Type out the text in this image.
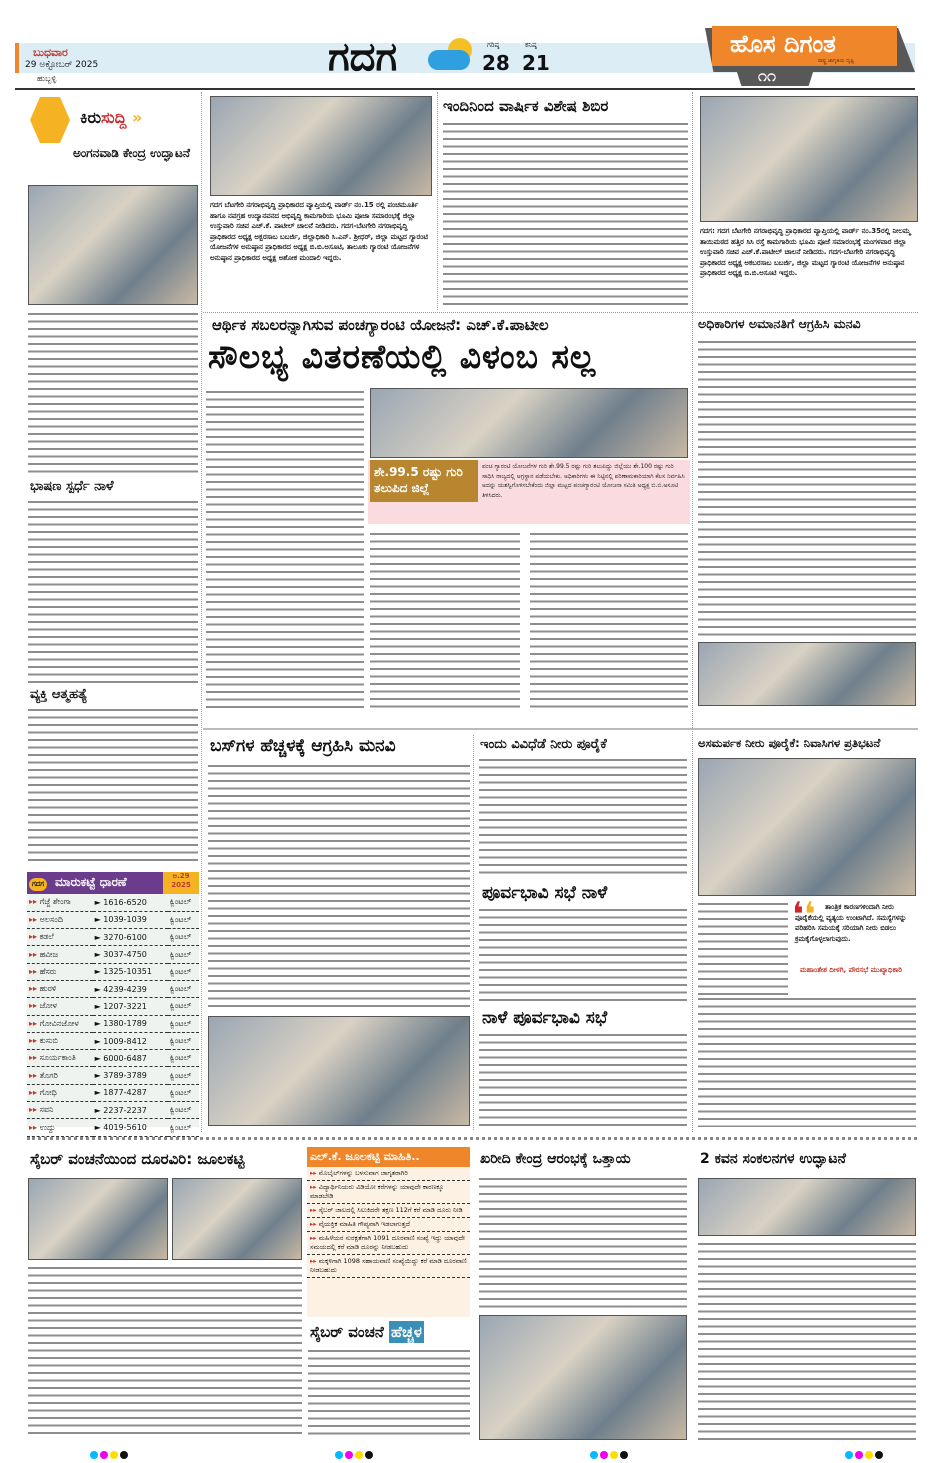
ಬುಧವಾರ
29 ಅಕ್ಟೋಬರ್ 2025
ಹುಬ್ಬಳ್ಳಿ	ಗದಗ	ಗರಿಷ್ಠ
28
ಕನಿಷ್ಠ
21
ಹೊಸ ದಿಗಂತ
ರಾಷ್ಟ್ರ ಜಾಗೃತಿಯ ದೃಷ್ಟಿ
೧೧
ಕಿರುಸುದ್ದಿ »
ಅಂಗನವಾಡಿ ಕೇಂದ್ರ ಉದ್ಘಾಟನೆ
ಭಾಷಣ ಸ್ಪರ್ಧೆ ನಾಳೆ
ವ್ಯಕ್ತಿ ಆತ್ಮಹತ್ಯೆ
ಗದಗ ಮಾರುಕಟ್ಟೆ ಧಾರಣೆ	ಅ.29 2025
▸▸ ಗೆಜ್ಜೆ ಶೇಂಗಾ	► 1616-6520	ಕ್ವಿಂಟಲ್
▸▸ ಅಲಸಂದಿ	► 1039-1039	ಕ್ವಿಂಟಲ್
▸▸ ಕಡಲೆ	► 3270-6100	ಕ್ವಿಂಟಲ್
▸▸ ಹವೀಜ	► 3037-4750	ಕ್ವಿಂಟಲ್
▸▸ ಹೆಸರು	► 1325-10351	ಕ್ವಿಂಟಲ್
▸▸ ಹುರಳಿ	► 4239-4239	ಕ್ವಿಂಟಲ್
▸▸ ಜೋಳ	► 1207-3221	ಕ್ವಿಂಟಲ್
▸▸ ಗೋವಿನಜೋಳ	► 1380-1789	ಕ್ವಿಂಟಲ್
▸▸ ಕುಸುಬಿ	► 1009-8412	ಕ್ವಿಂಟಲ್
▸▸ ಸೂರ್ಯಕಾಂತಿ	► 6000-6487	ಕ್ವಿಂಟಲ್
▸▸ ತೊಗರಿ	► 3789-3789	ಕ್ವಿಂಟಲ್
▸▸ ಗೋಧಿ	► 1877-4287	ಕ್ವಿಂಟಲ್
▸▸ ಸವನಿ	► 2237-2237	ಕ್ವಿಂಟಲ್
▸▸ ಉದ್ದು	► 4019-5610	ಕ್ವಿಂಟಲ್
ಗದಗ ಬೆಟಗೇರಿ ನಗರಾಭಿವೃದ್ಧಿ ಪ್ರಾಧಿಕಾರದ ವ್ಯಾಪ್ತಿಯಲ್ಲಿ ವಾರ್ಡ್ ನಂ.15 ರಲ್ಲಿ ಪಂಚಮೂರ್ತಿ ಹಾಗೂ ನವಗ್ರಹ ಉದ್ಯಾನವನದ ಅಭಿವೃದ್ಧಿ ಕಾಮಗಾರಿಯ ಭೂಮಿ ಪೂಜಾ ಸಮಾರಂಭಕ್ಕೆ ಜಿಲ್ಲಾ ಉಸ್ತುವಾರಿ ಸಚಿವ ಎಚ್.ಕೆ. ಪಾಟೀಲ್ ಚಾಲನೆ ನೀಡಿದರು. ಗದಗ-ಬೆಟಗೇರಿ ನಗರಾಭಿವೃದ್ಧಿ ಪ್ರಾಧಿಕಾರದ ಅಧ್ಯಕ್ಷ ಅಕ್ಬರಸಾಬ ಬಬರ್ಜಿ, ಜಿಲ್ಲಾಧಿಕಾರಿ ಸಿ.ಎನ್. ಶ್ರೀಧರ್, ಜಿಲ್ಲಾ ಮಟ್ಟದ ಗ್ಯಾರಂಟಿ ಯೋಜನೆಗಳ ಅನುಷ್ಠಾನ ಪ್ರಾಧಿಕಾರದ ಅಧ್ಯಕ್ಷ ಬಿ.ಬಿ.ಅಸೂಟಿ, ತಾಲೂಕು ಗ್ಯಾರಂಟಿ ಯೋಜನೆಗಳ ಅನುಷ್ಠಾನ ಪ್ರಾಧಿಕಾರದ ಅಧ್ಯಕ್ಷ ಅಶೋಕ ಮಂದಾಲಿ ಇದ್ದರು.
ಇಂದಿನಿಂದ ವಾರ್ಷಿಕ ವಿಶೇಷ ಶಿಬಿರ
ಗದಗ: ಗದಗ ಬೆಟಗೇರಿ ನಗರಾಭಿವೃದ್ಧಿ ಪ್ರಾಧಿಕಾರದ ವ್ಯಾಪ್ತಿಯಲ್ಲಿ ವಾರ್ಡ್ ನಂ.35ರಲ್ಲಿ ನೀಲಮ್ಮ ತಾಯಿಮಠದ ಹತ್ತಿರ ಸಿಸಿ ರಸ್ತೆ ಕಾಮಗಾರಿಯ ಭೂಮಿ ಪೂಜೆ ಸಮಾರಂಭಕ್ಕೆ ಮಂಗಳವಾರ ಜಿಲ್ಲಾ ಉಸ್ತುವಾರಿ ಸಚಿವ ಎಚ್.ಕೆ.ಪಾಟೀಲ್ ಚಾಲನೆ ನೀಡಿದರು. ಗದಗ-ಬೆಟಗೇರಿ ನಗರಾಭಿವೃದ್ಧಿ ಪ್ರಾಧಿಕಾರದ ಅಧ್ಯಕ್ಷ ಅಕಬರಸಾಬ ಬಬರ್ಜಿ, ಜಿಲ್ಲಾ ಮಟ್ಟದ ಗ್ಯಾರಂಟಿ ಯೋಜನೆಗಳ ಅನುಷ್ಠಾನ ಪ್ರಾಧಿಕಾರದ ಅಧ್ಯಕ್ಷ ಬಿ.ಬಿ.ಅಸೂಟಿ ಇದ್ದರು.
ಆರ್ಥಿಕ ಸಬಲರನ್ನಾಗಿಸುವ ಪಂಚಗ್ಯಾರಂಟಿ ಯೋಜನೆ: ಎಚ್.ಕೆ.ಪಾಟೀಲ
ಸೌಲಭ್ಯ ವಿತರಣೆಯಲ್ಲಿ ವಿಳಂಬ ಸಲ್ಲ
ಶೇ.99.5 ರಷ್ಟು ಗುರಿ ತಲುಪಿದ ಜಿಲ್ಲೆ
ಪಂಚ ಗ್ಯಾರಂಟಿ ಯೋಜನೆಗಳ ಗುರಿ ಶೇ.99.5 ರಷ್ಟು ಗುರಿ ತಲುಪಿದ್ದು ಜಿಲ್ಲೆಯು ಶೇ.100 ರಷ್ಟು ಗುರಿ ಸಾಧಿಸಿ ರಾಜ್ಯದಲ್ಲಿ ಅಗ್ರಸ್ಥಾನ ಪಡೆಯಬೇಕು. ಅಧಿಕಾರಿಗಳು ಈ ನಿಟ್ಟಿನಲ್ಲಿ ಪರಿಣಾಮಕಾರಿಯಾಗಿ ಕೆಲಸ ನಿರ್ವಹಿಸಿ ಅದನ್ನು ಯಶಸ್ವಿಗೊಳಿಸಬೇಕೆಂದು ಜಿಲ್ಲಾ ಮಟ್ಟದ ಪಂಚಗ್ಯಾರಂಟಿ ಯೋಜನಾ ಸಮಿತಿ ಅಧ್ಯಕ್ಷ ಬಿ.ಬಿ.ಅಸೂಟಿ ತಿಳಿಸಿದರು.
ಅಧಿಕಾರಿಗಳ ಅಮಾನತಿಗೆ ಆಗ್ರಹಿಸಿ ಮನವಿ
ಬಸ್‌ಗಳ ಹೆಚ್ಚಳಕ್ಕೆ ಆಗ್ರಹಿಸಿ ಮನವಿ	ಇಂದು ವಿವಿಧೆಡೆ ನೀರು ಪೂರೈಕೆ
ಪೂರ್ವಭಾವಿ ಸಭೆ ನಾಳೆ
ನಾಳೆ ಪೂರ್ವಭಾವಿ ಸಭೆ
ಅಸಮರ್ಪಕ ನೀರು ಪೂರೈಕೆ: ನಿವಾಸಿಗಳ ಪ್ರತಿಭಟನೆ
❛❛	ತಾಂತ್ರಿಕ ಕಾರಣಗಳಿಂದಾಗಿ ನೀರು ಪೂರೈಕೆಯಲ್ಲಿ ವ್ಯತ್ಯಯ ಉಂಟಾಗಿದೆ. ಸಮಸ್ಯೆಗಳನ್ನು ಪರಿಹರಿಸಿ ಸಮಯಕ್ಕೆ ಸರಿಯಾಗಿ ನೀರು ಬಿಡಲು ಕ್ರಮಕೈಗೊಳ್ಳಲಾಗುವುದು.
ಮಹಾಂತೇಶ ದೀಳಗಿ, ಪೌರಸಭೆ ಮುಖ್ಯಾಧಿಕಾರಿ
ಸೈಬರ್ ವಂಚನೆಯಿಂದ ದೂರವಿರಿ: ಜೂಲಕಟ್ಟಿ	ಎಲ್.ಕೆ. ಜೂಲಕಟ್ಟಿ ಮಾಹಿತಿ..
▸▸ ಮೊಬೈಲ್‌ಗಳನ್ನು ಬಳಸುವಾಗ ಜಾಗೃತರಾಗಿರಿ
▸▸ ವಿದ್ಯಾರ್ಥಿನಿಯರು ವಿಡಿಯೋ ಕರೆಗಳನ್ನು ಯಾವುದೇ ಕಾರಣಕ್ಕೂ ಮಾಡಬೇಡಿ
▸▸ ಸೈಬರ್ ಜಾಲದಲ್ಲಿ ಸಿಲುಕಿದರೇ ತಕ್ಷಣ 112ಗೆ ಕರೆ ಮಾಡಿ ದೂರು ನೀಡಿ
▸▸ ವೈಯಕ್ತಿಕ ಮಾಹಿತಿ ಗೌಪ್ಯವಾಗಿ ಇಡಲಾಗುತ್ತದೆ
▸▸ ಮಹಿಳೆಯರ ಸುರಕ್ಷತೆಗಾಗಿ 1091 ದೂರವಾಣಿ ಸಂಖ್ಯೆ ಇದ್ದು ಯಾವುದೇ ಸಮಯದಲ್ಲಿ ಕರೆ ಮಾಡಿ ದೂರನ್ನು ನೀಡಬಹುದು
▸▸ ಮಕ್ಕಳಿಗಾಗಿ 1098 ಸಹಾಯವಾಣಿ ಸಂಖ್ಯೆಯಿದ್ದು ಕರೆ ಮಾಡಿ ದೂರವಾಣಿ ನೀಡಬಹುದು
ಸೈಬರ್ ವಂಚನೆ ಹೆಚ್ಚಳ
ಖರೀದಿ ಕೇಂದ್ರ ಆರಂಭಕ್ಕೆ ಒತ್ತಾಯ	2 ಕವನ ಸಂಕಲನಗಳ ಉದ್ಘಾಟನೆ
